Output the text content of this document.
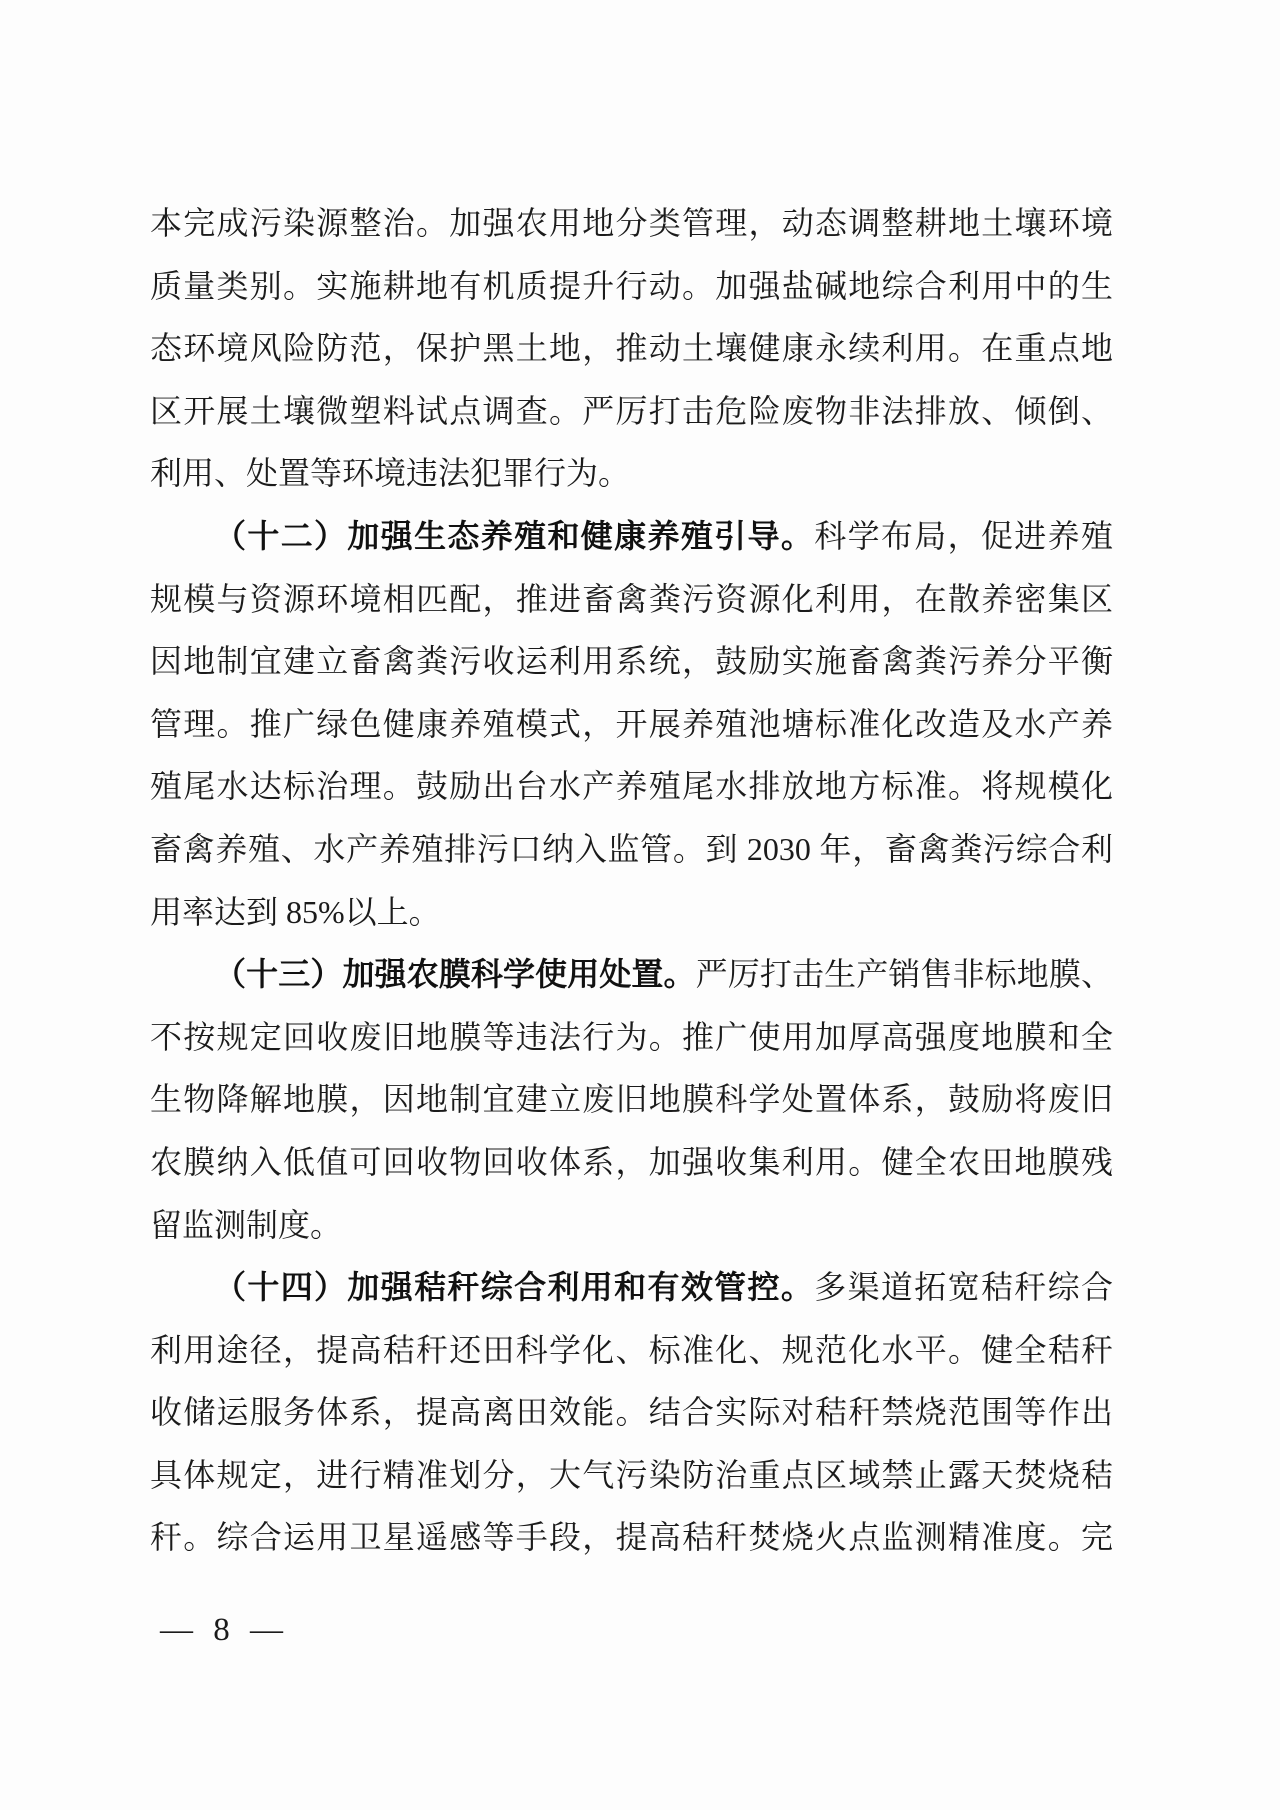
本完成污染源整治。加强农用地分类管理，动态调整耕地土壤环境
质量类别。实施耕地有机质提升行动。加强盐碱地综合利用中的生
态环境风险防范，保护黑土地，推动土壤健康永续利用。在重点地
区开展土壤微塑料试点调查。严厉打击危险废物非法排放、倾倒、
利用、处置等环境违法犯罪行为。
（十二）加强生态养殖和健康养殖引导。科学布局，促进养殖
规模与资源环境相匹配，推进畜禽粪污资源化利用，在散养密集区
因地制宜建立畜禽粪污收运利用系统，鼓励实施畜禽粪污养分平衡
管理。推广绿色健康养殖模式，开展养殖池塘标准化改造及水产养
殖尾水达标治理。鼓励出台水产养殖尾水排放地方标准。将规模化
畜禽养殖、水产养殖排污口纳入监管。到 2030 年，畜禽粪污综合利
用率达到 85%以上。
（十三）加强农膜科学使用处置。严厉打击生产销售非标地膜、
不按规定回收废旧地膜等违法行为。推广使用加厚高强度地膜和全
生物降解地膜，因地制宜建立废旧地膜科学处置体系，鼓励将废旧
农膜纳入低值可回收物回收体系，加强收集利用。健全农田地膜残
留监测制度。
（十四）加强秸秆综合利用和有效管控。多渠道拓宽秸秆综合
利用途径，提高秸秆还田科学化、标准化、规范化水平。健全秸秆
收储运服务体系，提高离田效能。结合实际对秸秆禁烧范围等作出
具体规定，进行精准划分，大气污染防治重点区域禁止露天焚烧秸
秆。综合运用卫星遥感等手段，提高秸秆焚烧火点监测精准度。完
— 8 —
